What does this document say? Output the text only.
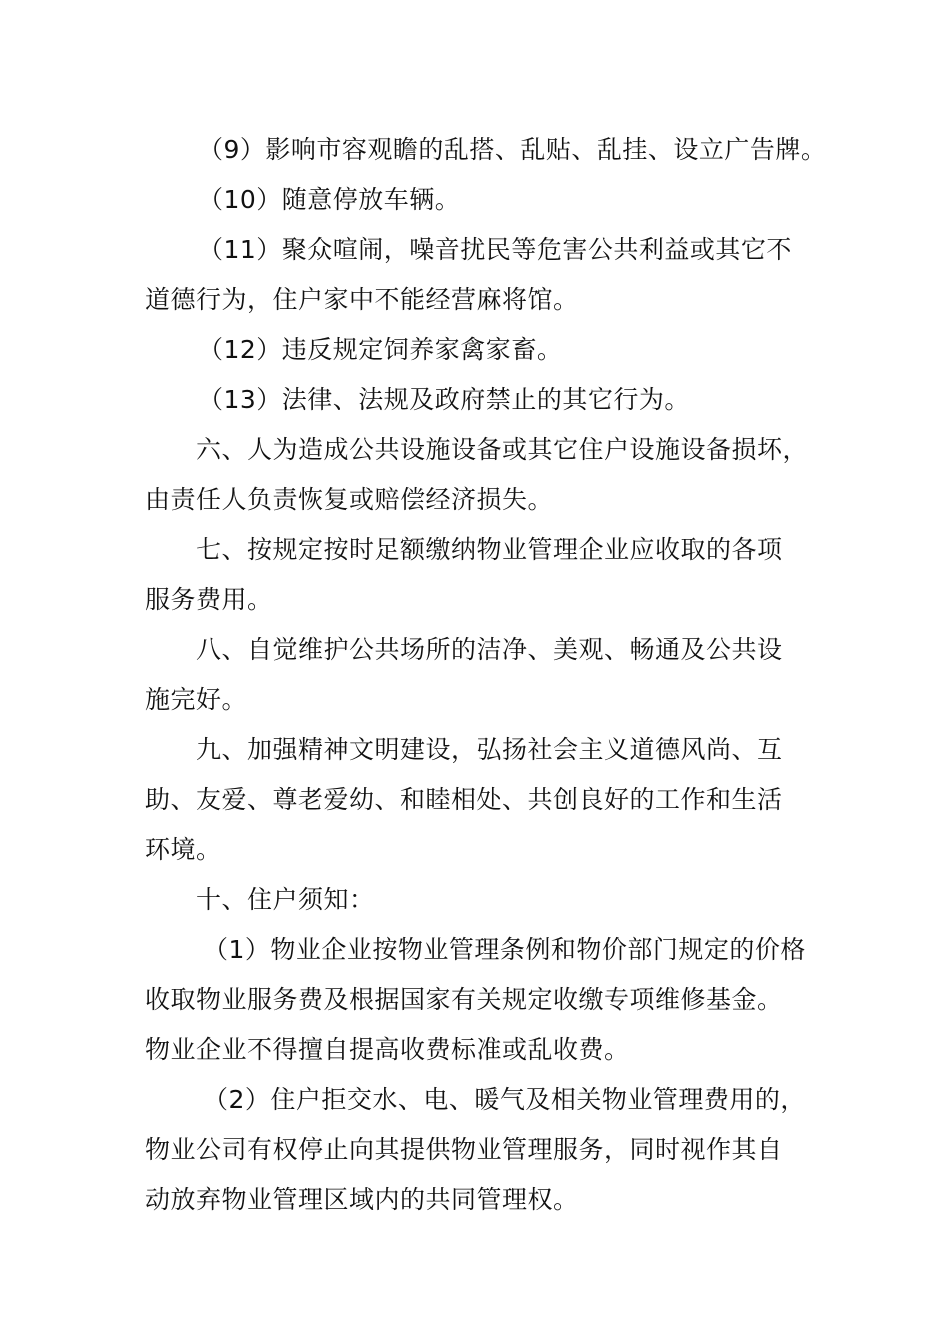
（9）影响市容观瞻的乱搭、乱贴、乱挂、设立广告牌。
（10）随意停放车辆。
（11）聚众喧闹，噪音扰民等危害公共利益或其它不
道德行为，住户家中不能经营麻将馆。
（12）违反规定饲养家禽家畜。
（13）法律、法规及政府禁止的其它行为。
六、人为造成公共设施设备或其它住户设施设备损坏，
由责任人负责恢复或赔偿经济损失。
七、按规定按时足额缴纳物业管理企业应收取的各项
服务费用。
八、自觉维护公共场所的洁净、美观、畅通及公共设
施完好。
九、加强精神文明建设，弘扬社会主义道德风尚、互
助、友爱、尊老爱幼、和睦相处、共创良好的工作和生活
环境。
十、住户须知：
（1）物业企业按物业管理条例和物价部门规定的价格
收取物业服务费及根据国家有关规定收缴专项维修基金。
物业企业不得擅自提高收费标准或乱收费。
（2）住户拒交水、电、暖气及相关物业管理费用的，
物业公司有权停止向其提供物业管理服务，同时视作其自
动放弃物业管理区域内的共同管理权。
